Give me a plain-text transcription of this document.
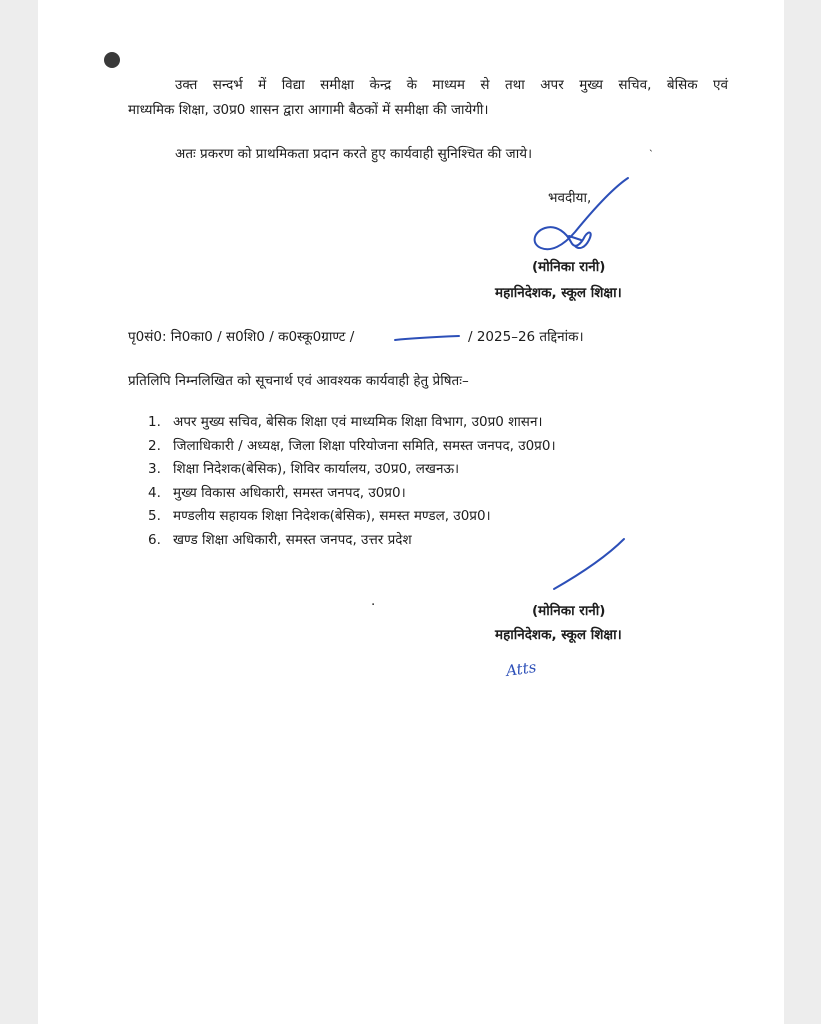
उक्त सन्दर्भ में विद्या समीक्षा केन्द्र के माध्यम से तथा अपर मुख्य सचिव, बेसिक एवं
माध्यमिक शिक्षा, उ0प्र0 शासन द्वारा आगामी बैठकों में समीक्षा की जायेगी।
अतः प्रकरण को प्राथमिकता प्रदान करते हुए कार्यवाही सुनिश्चित की जाये।	˴
भवदीया,
(मोनिका रानी)
महानिदेशक, स्कूल शिक्षा।
पृ0सं0: नि0का0 / स0शि0 / क0स्कू0ग्राण्ट /	/ 2025–26 तद्दिनांक।
प्रतिलिपि निम्नलिखित को सूचनार्थ एवं आवश्यक कार्यवाही हेतु प्रेषितः–
1. अपर मुख्य सचिव, बेसिक शिक्षा एवं माध्यमिक शिक्षा विभाग, उ0प्र0 शासन।
2. जिलाधिकारी / अध्यक्ष, जिला शिक्षा परियोजना समिति, समस्त जनपद, उ0प्र0।
3. शिक्षा निदेशक(बेसिक), शिविर कार्यालय, उ0प्र0, लखनऊ।
4. मुख्य विकास अधिकारी, समस्त जनपद, उ0प्र0।
5. मण्डलीय सहायक शिक्षा निदेशक(बेसिक), समस्त मण्डल, उ0प्र0।
6. खण्ड शिक्षा अधिकारी, समस्त जनपद, उत्तर प्रदेश
·	(मोनिका रानी)
महानिदेशक, स्कूल शिक्षा।
Atts
